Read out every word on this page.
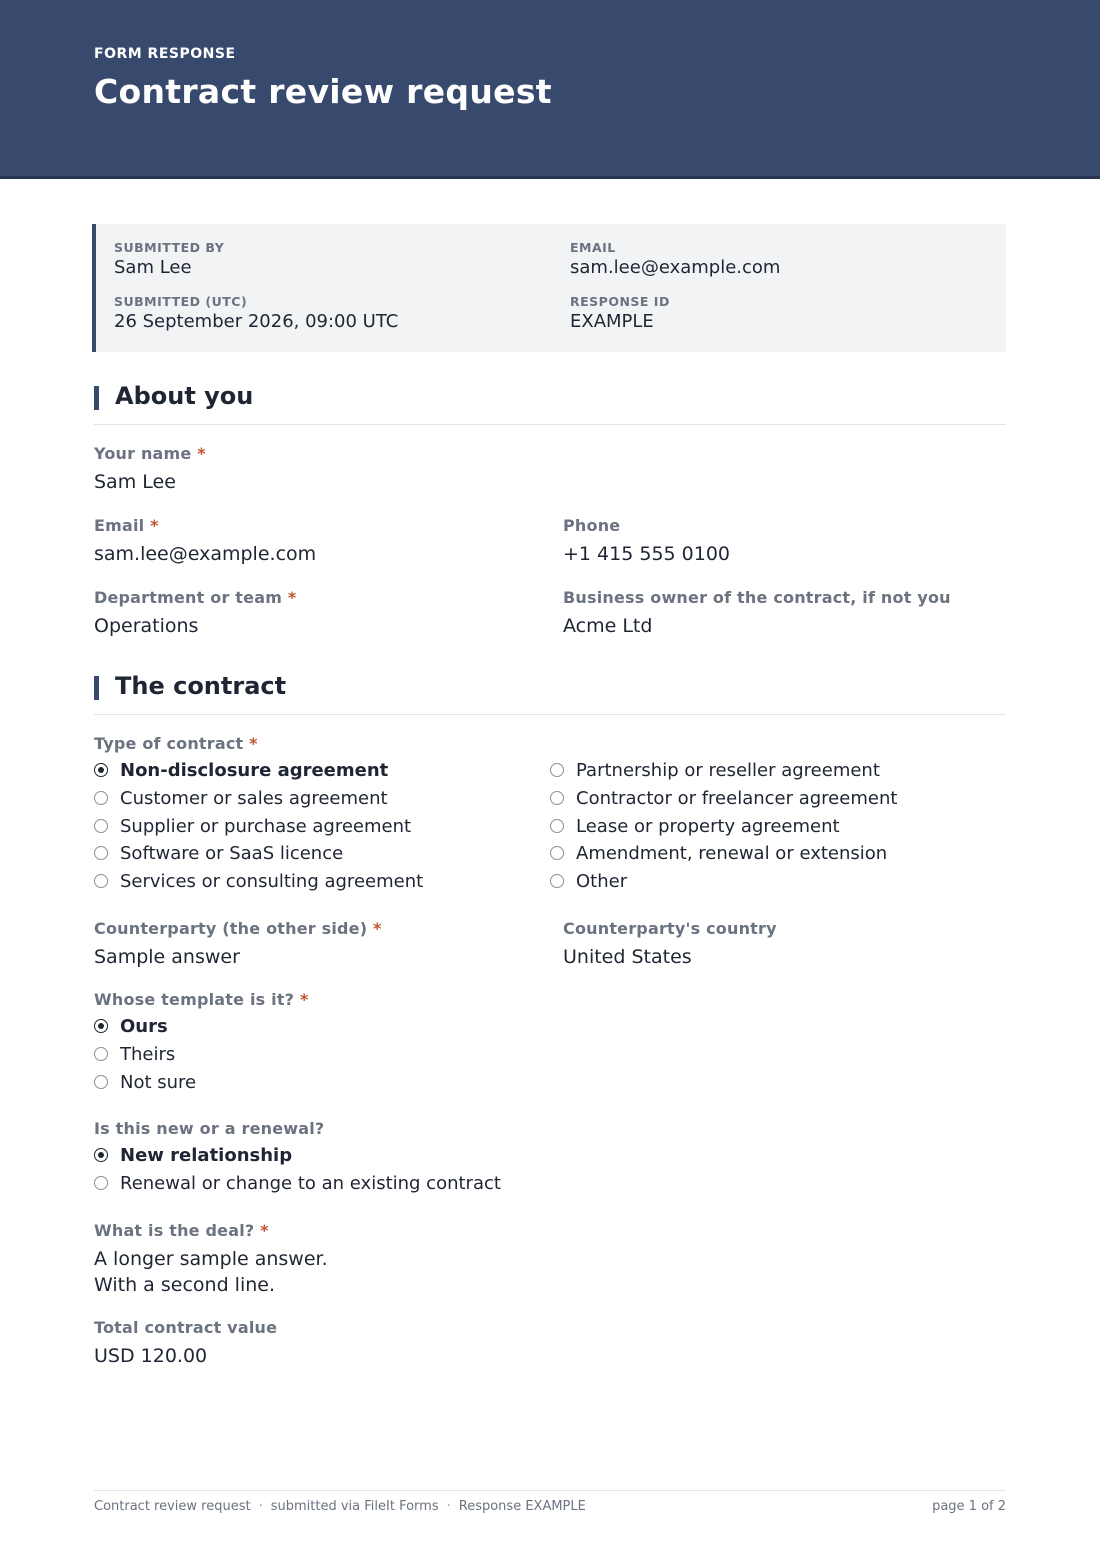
FORM RESPONSE
Contract review request
SUBMITTED BY
Sam Lee
EMAIL
sam.lee@example.com
SUBMITTED (UTC)
26 September 2026, 09:00 UTC
RESPONSE ID
EXAMPLE
About you
Your name *
Sam Lee
Email *
sam.lee@example.com
Phone
+1 415 555 0100
Department or team *
Operations
Business owner of the contract, if not you
Acme Ltd
The contract
Type of contract *
Non-disclosure agreement
Customer or sales agreement
Supplier or purchase agreement
Software or SaaS licence
Services or consulting agreement
Partnership or reseller agreement
Contractor or freelancer agreement
Lease or property agreement
Amendment, renewal or extension
Other
Counterparty (the other side) *
Sample answer
Counterparty's country
United States
Whose template is it? *
Ours
Theirs
Not sure
Is this new or a renewal?
New relationship
Renewal or change to an existing contract
What is the deal? *
A longer sample answer.
With a second line.
Total contract value
USD 120.00
Contract review request · submitted via FileIt Forms · Response EXAMPLE	page 1 of 2
